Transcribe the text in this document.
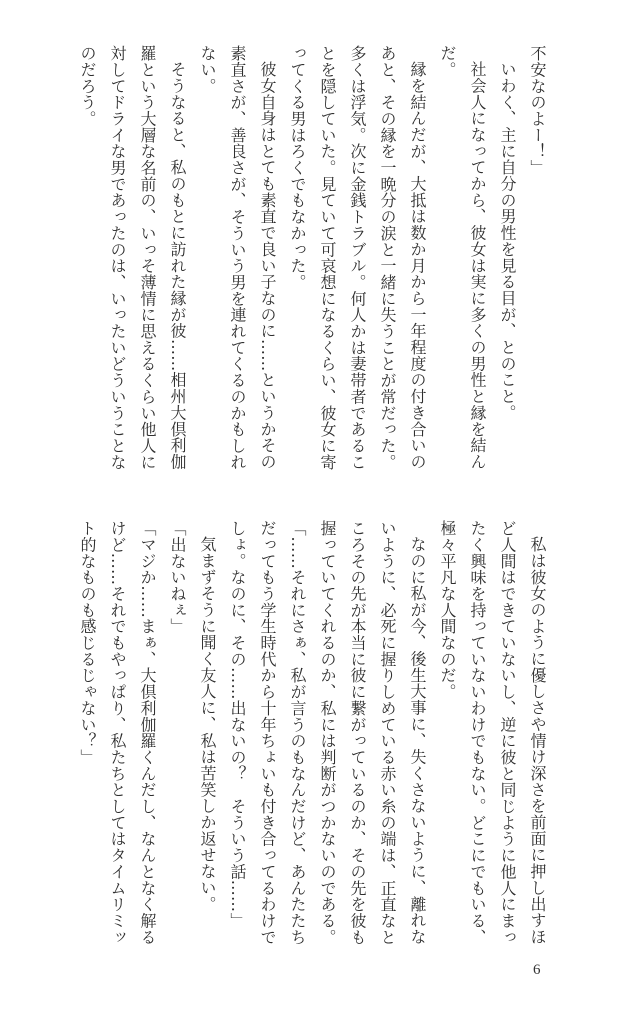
不安なのよー！」

いわく、主に自分の男性を見る目が、とのこと。

社会人になってから、彼女は実に多くの男性と縁を結ん

だ。

縁を結んだが、大抵は数か月から一年程度の付き合いの

あと、その縁を一晩分の涙と一緒に失うことが常だった。

多くは浮気。次に金銭トラブル。何人かは妻帯者であるこ

とを隠していた。見ていて可哀想になるくらい、彼女に寄

ってくる男はろくでもなかった。

彼女自身はとても素直で良い子なのに……というかその

素直さが、善良さが、そういう男を連れてくるのかもしれ

ない。

そうなると、私のもとに訪れた縁が彼……相州大倶利伽

羅という大層な名前の、いっそ薄情に思えるくらい他人に

対してドライな男であったのは、いったいどういうことな

のだろう。

私は彼女のように優しさや情け深さを前面に押し出すほ

ど人間はできていないし、逆に彼と同じように他人にまっ

たく興味を持っていないわけでもない。どこにでもいる、

極々平凡な人間なのだ。

なのに私が今、後生大事に、失くさないように、離れな

いように、必死に握りしめている赤い糸の端は、正直なと

ころその先が本当に彼に繋がっているのか、その先を彼も

握っていてくれるのか、私には判断がつかないのである。

「……それにさぁ、私が言うのもなんだけど、あんたたち

だってもう学生時代から十年ちょいも付き合ってるわけで

しょ。なのに、その……出ないの？　そういう話……」

気まずそうに聞く友人に、私は苦笑しか返せない。

「出ないねぇ」

「マジか……まぁ、大倶利伽羅くんだし、なんとなく解る

けど……それでもやっぱり、私たちとしてはタイムリミッ

ト的なものも感じるじゃない？」

6
